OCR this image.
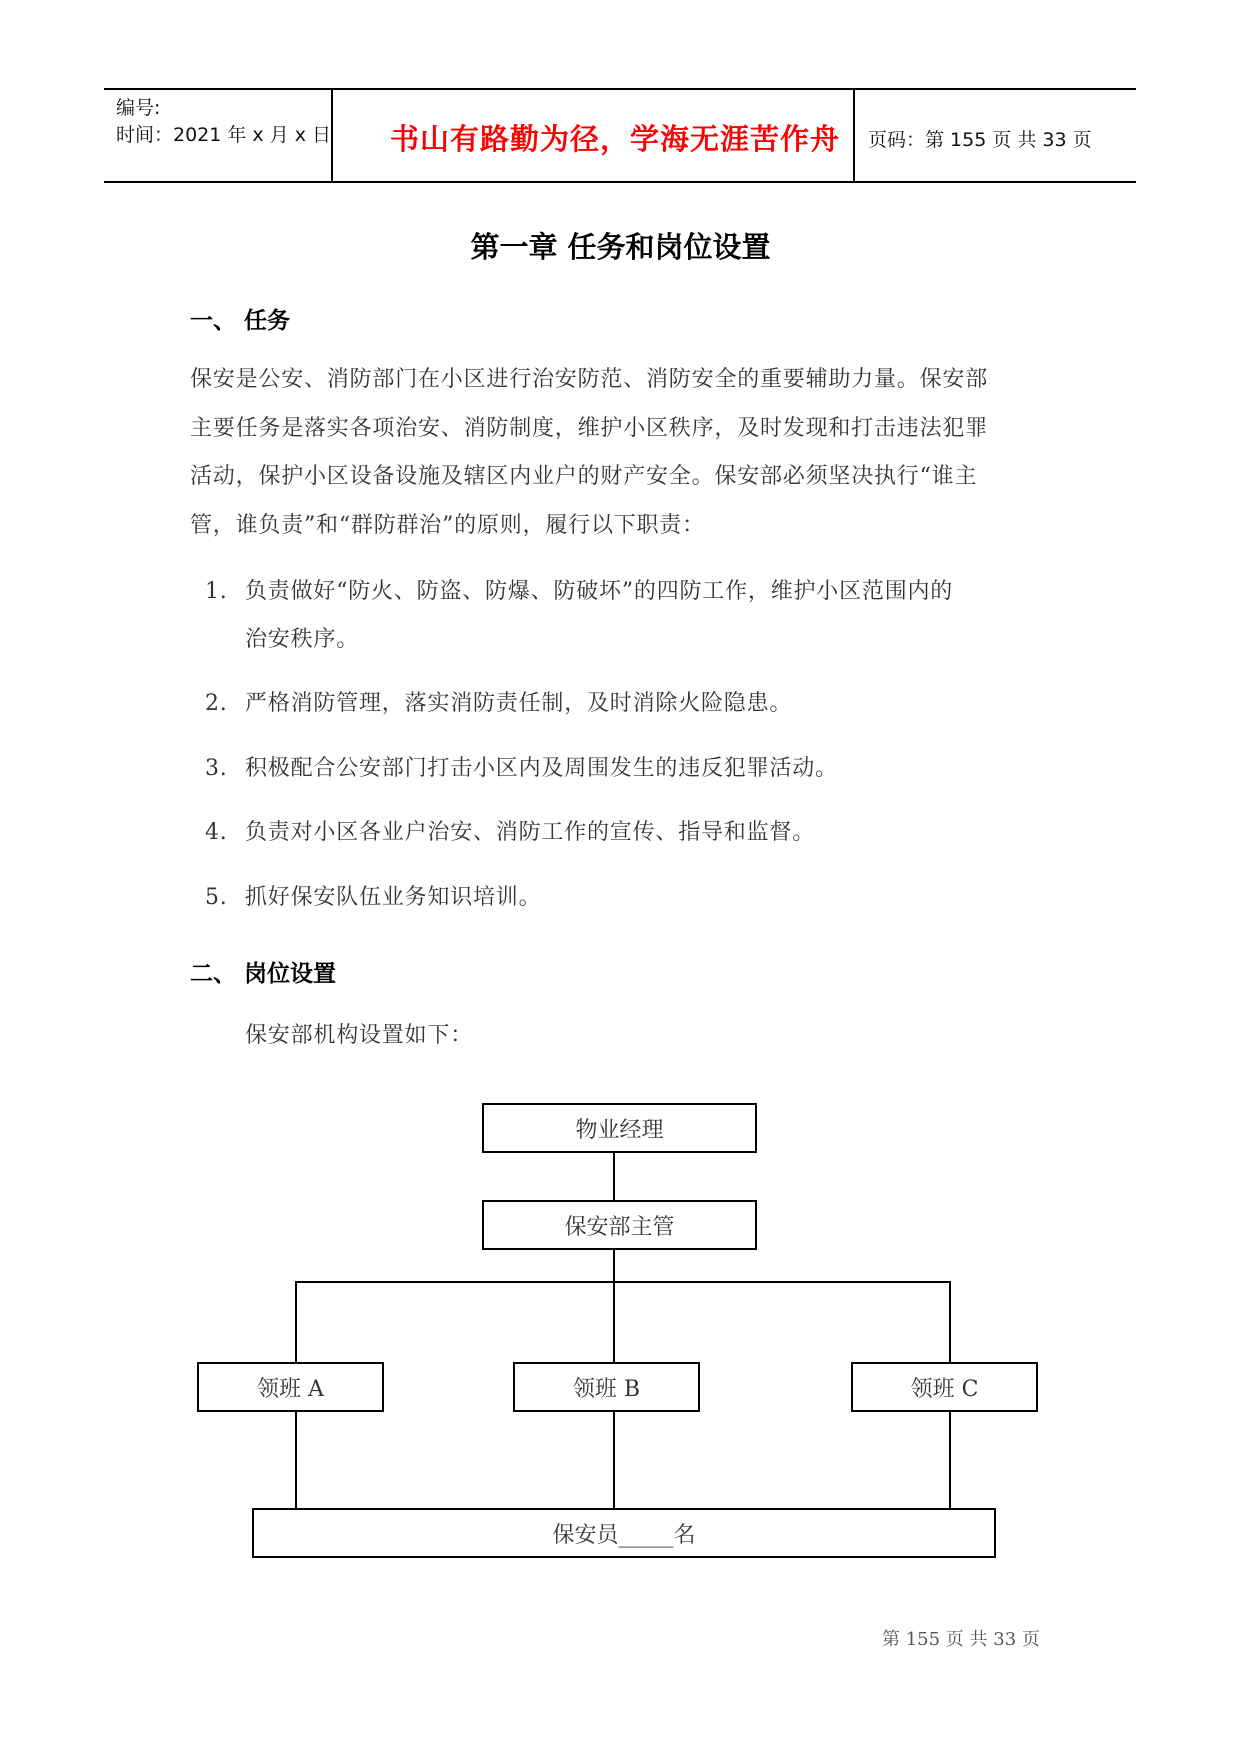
编号:
时间：2021 年 x 月 x 日 书山有路勤为径，学海无涯苦作舟 页码：第 155 页 共 33 页
第一章 任务和岗位设置
一、 任务
保安是公安、消防部门在小区进行治安防范、消防安全的重要辅助力量。保安部
主要任务是落实各项治安、消防制度，维护小区秩序，及时发现和打击违法犯罪
活动，保护小区设备设施及辖区内业户的财产安全。保安部必须坚决执行“谁主
管，谁负责”和“群防群治”的原则，履行以下职责：
1. 负责做好“防火、防盗、防爆、防破坏”的四防工作，维护小区范围内的
治安秩序。
2. 严格消防管理，落实消防责任制，及时消除火险隐患。
3. 积极配合公安部门打击小区内及周围发生的违反犯罪活动。
4. 负责对小区各业户治安、消防工作的宣传、指导和监督。
5. 抓好保安队伍业务知识培训。
二、 岗位设置
保安部机构设置如下：
物业经理
保安部主管
领班 A	领班 B	领班 C
保安员_____名
第 155 页 共 33 页
